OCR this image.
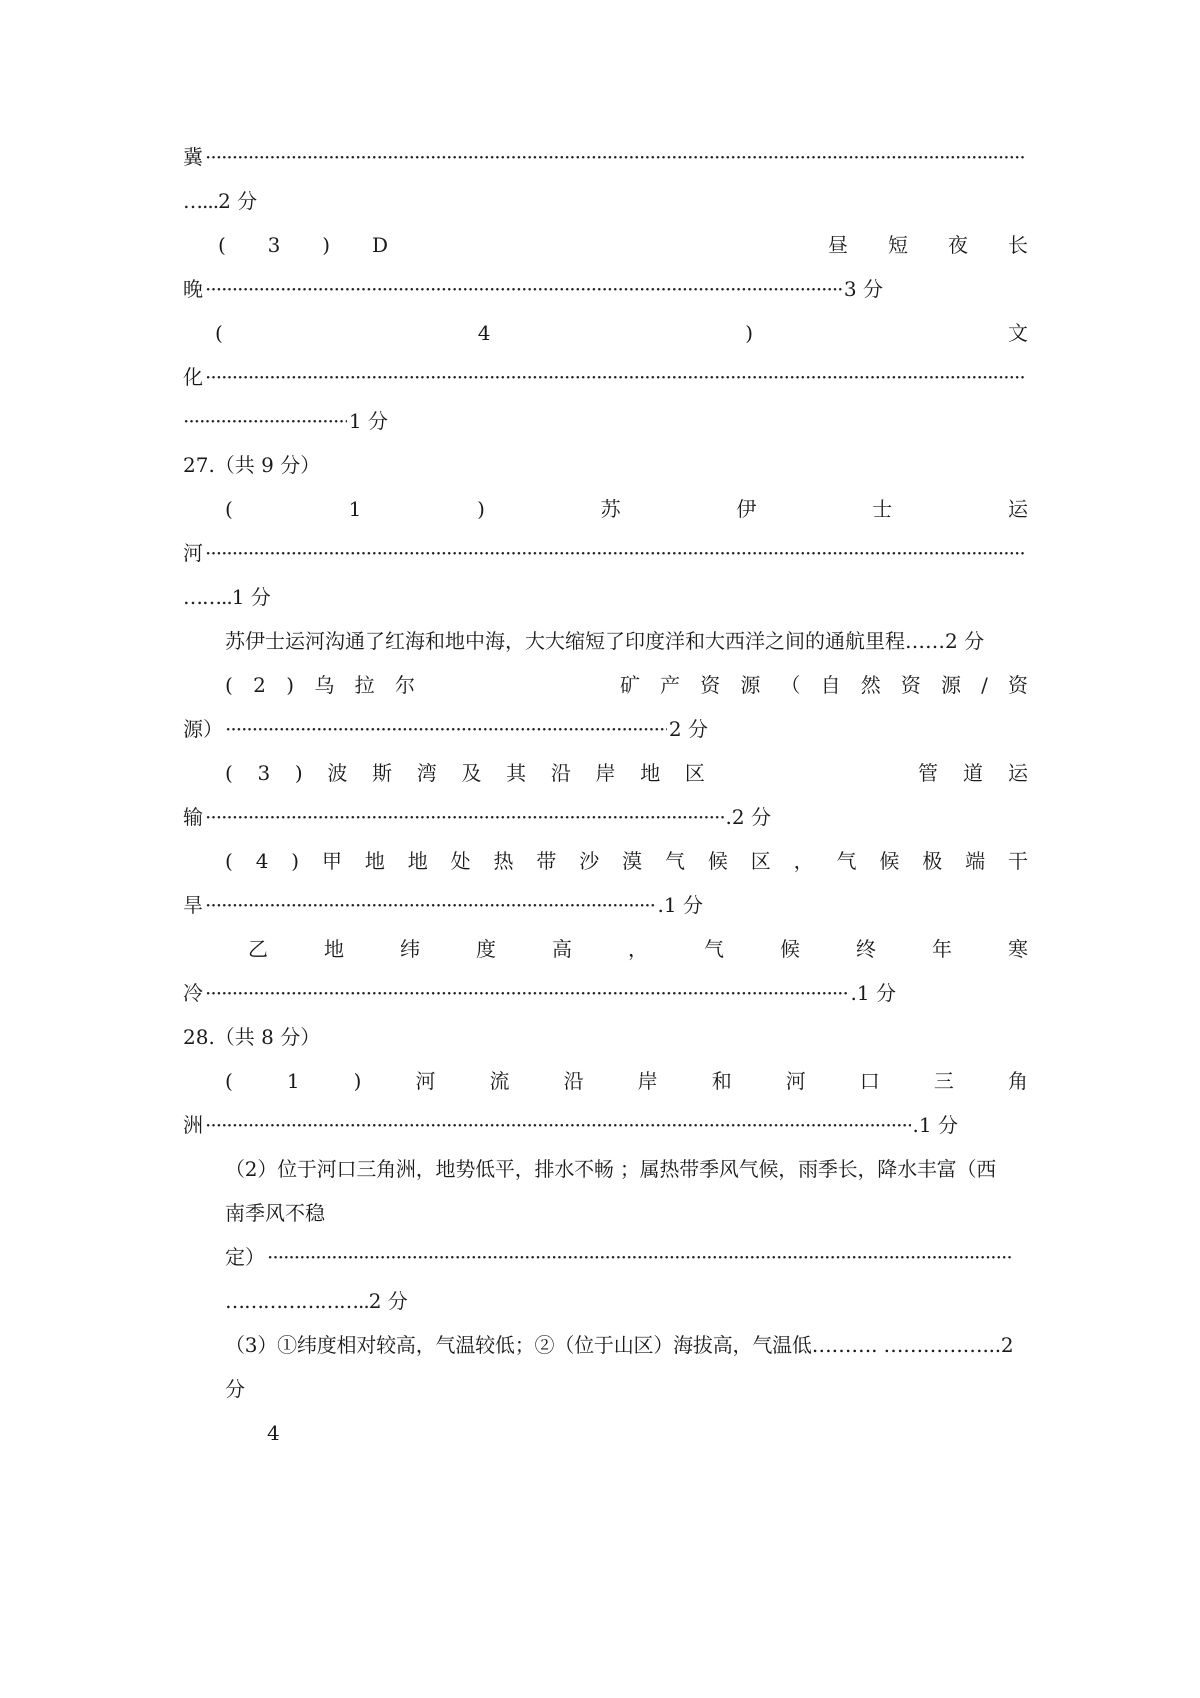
冀
·····
…...2 分
( 3 ) D	昼 短 夜 长
晚 ·····	3 分
(	4	)	文
化
·····
·····
1 分
27.（共 9 分）
(	1	)	苏	伊	士	运
河
·····
……..1 分
苏伊士运河沟通了红海和地中海，大大缩短了印度洋和大西洋之间的通航里程……2 分
( 2 ) 乌 拉 尔	矿 产 资 源 （ 自 然 资 源 / 资
源） ·····	2 分
( 3 ) 波 斯 湾 及 其 沿 岸 地 区	管 道 运
输 ·····	.2 分
( 4 ) 甲 地 地 处 热 带 沙 漠 气 候 区 ， 气 候 极 端 干
旱 ·····	.1 分
乙	地	纬	度	高	，	气	候	终	年	寒
冷 ·····	.1 分
28.（共 8 分）
(	1	)	河	流	沿	岸	和	河	口	三	角
洲 ·····	.1 分
（2）位于河口三角洲，地势低平，排水不畅 ；属热带季风气候，雨季长，降水丰富（西
南季风不稳
定）
·····
…………………..2 分
（3）①纬度相对较高，气温较低；②（位于山区）海拔高，气温低………. ……………...2
分
4
